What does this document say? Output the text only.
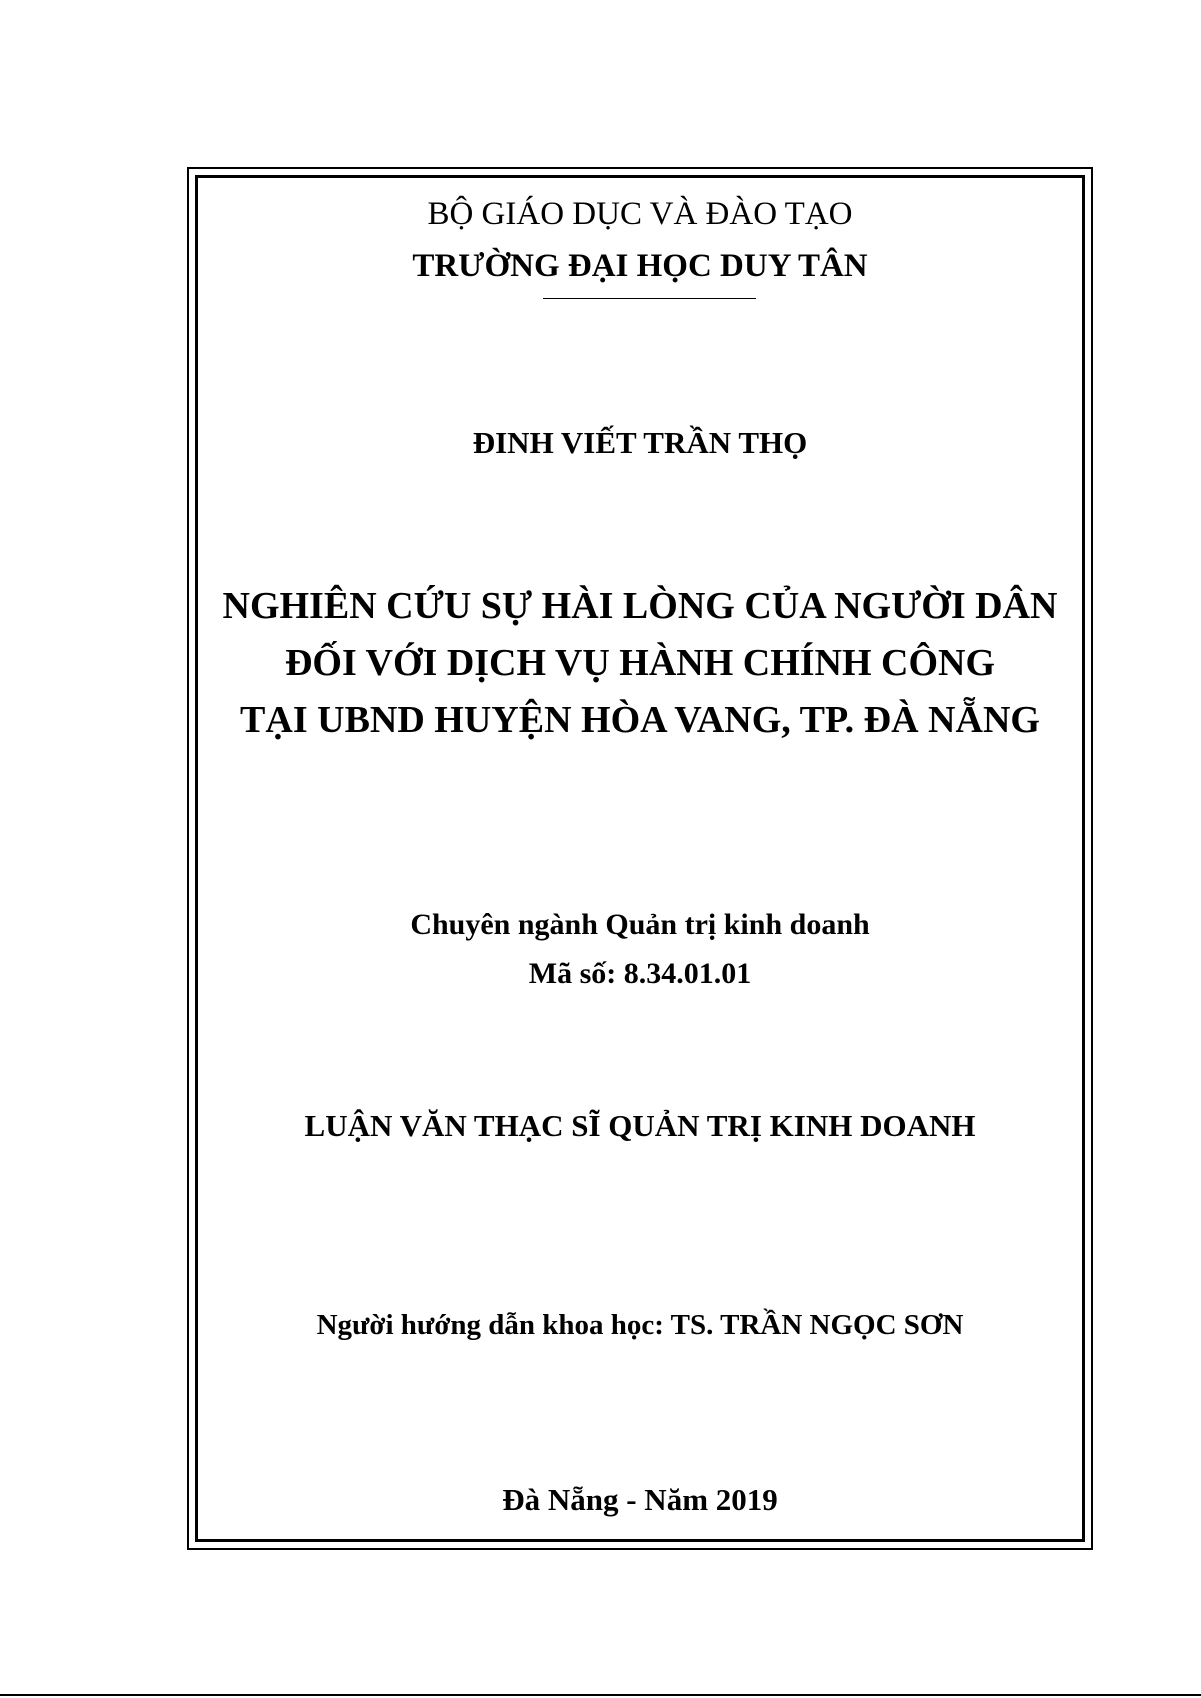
BỘ GIÁO DỤC VÀ ĐÀO TẠO
TRƯỜNG ĐẠI HỌC DUY TÂN
ĐINH VIẾT TRẦN THỌ
NGHIÊN CỨU SỰ HÀI LÒNG CỦA NGƯỜI DÂN
ĐỐI VỚI DỊCH VỤ HÀNH CHÍNH CÔNG
TẠI UBND HUYỆN HÒA VANG, TP. ĐÀ NẴNG
Chuyên ngành Quản trị kinh doanh
Mã số: 8.34.01.01
LUẬN VĂN THẠC SĨ QUẢN TRỊ KINH DOANH
Người hướng dẫn khoa học: TS. TRẦN NGỌC SƠN
Đà Nẵng - Năm 2019
